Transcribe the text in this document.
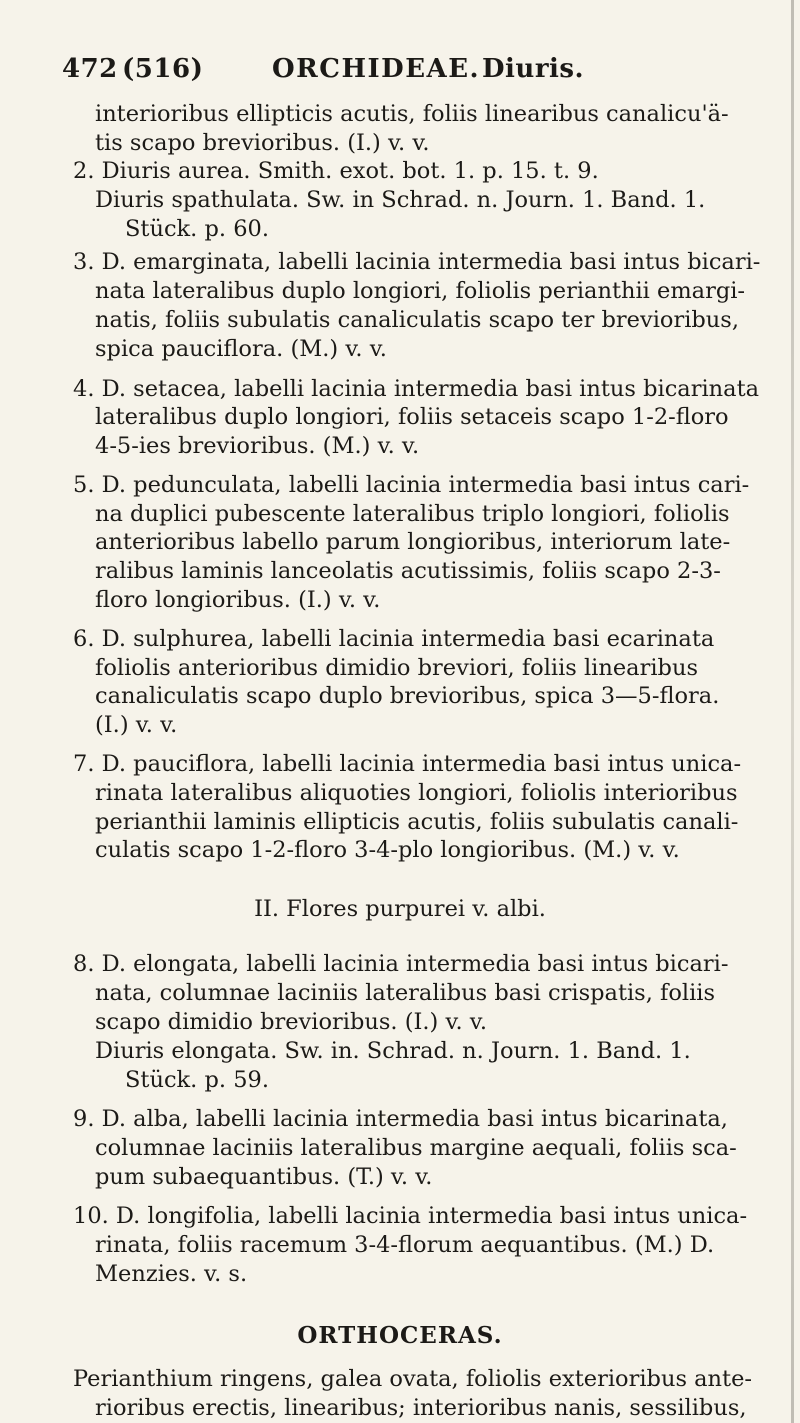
472 (516)	ORCHIDEAE. Diuris.
interioribus ellipticis acutis, foliis linearibus canalicu'ä-
tis scapo brevioribus. (I.) v. v.
2. Diuris aurea. Smith. exot. bot. 1. p. 15. t. 9.
Diuris spathulata. Sw. in Schrad. n. Journ. 1. Band. 1.
Stück. p. 60.
3. D. emarginata, labelli lacinia intermedia basi intus bicari-
nata lateralibus duplo longiori, foliolis perianthii emargi-
natis, foliis subulatis canaliculatis scapo ter brevioribus,
spica pauciflora. (M.) v. v.
4. D. setacea, labelli lacinia intermedia basi intus bicarinata
lateralibus duplo longiori, foliis setaceis scapo 1-2-floro
4-5-ies brevioribus. (M.) v. v.
5. D. pedunculata, labelli lacinia intermedia basi intus cari-
na duplici pubescente lateralibus triplo longiori, foliolis
anterioribus labello parum longioribus, interiorum late-
ralibus laminis lanceolatis acutissimis, foliis scapo 2-3-
floro longioribus. (I.) v. v.
6. D. sulphurea, labelli lacinia intermedia basi ecarinata
foliolis anterioribus dimidio breviori, foliis linearibus
canaliculatis scapo duplo brevioribus, spica 3—5-flora.
(I.) v. v.
7. D. pauciflora, labelli lacinia intermedia basi intus unica-
rinata lateralibus aliquoties longiori, foliolis interioribus
perianthii laminis ellipticis acutis, foliis subulatis canali-
culatis scapo 1-2-floro 3-4-plo longioribus. (M.) v. v.
II. Flores purpurei v. albi.
8. D. elongata, labelli lacinia intermedia basi intus bicari-
nata, columnae laciniis lateralibus basi crispatis, foliis
scapo dimidio brevioribus. (I.) v. v.
Diuris elongata. Sw. in. Schrad. n. Journ. 1. Band. 1.
Stück. p. 59.
9. D. alba, labelli lacinia intermedia basi intus bicarinata,
columnae laciniis lateralibus margine aequali, foliis sca-
pum subaequantibus. (T.) v. v.
10. D. longifolia, labelli lacinia intermedia basi intus unica-
rinata, foliis racemum 3-4-florum aequantibus. (M.) D.
Menzies. v. s.
ORTHOCERAS.
Perianthium ringens, galea ovata, foliolis exterioribus ante-
rioribus erectis, linearibus; interioribus nanis, sessilibus,
